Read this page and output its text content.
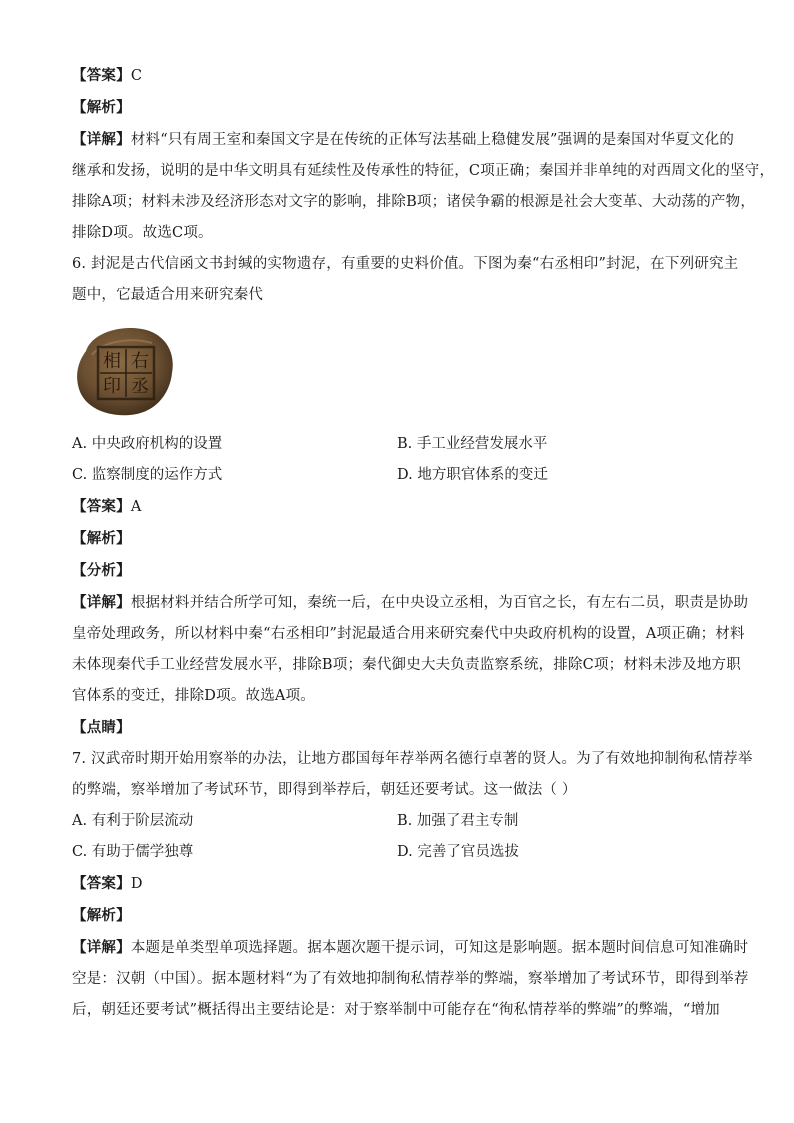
【答案】C
【解析】
【详解】材料“只有周王室和秦国文字是在传统的正体写法基础上稳健发展”强调的是秦国对华夏文化的
继承和发扬，说明的是中华文明具有延续性及传承性的特征，C项正确；秦国并非单纯的对西周文化的坚守，
排除A项；材料未涉及经济形态对文字的影响，排除B项；诸侯争霸的根源是社会大变革、大动荡的产物，
排除D项。故选C项。
6. 封泥是古代信函文书封缄的实物遗存，有重要的史料价值。下图为秦“右丞相印”封泥，在下列研究主
题中，它最适合用来研究秦代
右
丞
相
印
A. 中央政府机构的设置	B. 手工业经营发展水平
C. 监察制度的运作方式	D. 地方职官体系的变迁
【答案】A
【解析】
【分析】
【详解】根据材料并结合所学可知，秦统一后，在中央设立丞相，为百官之长，有左右二员，职责是协助
皇帝处理政务，所以材料中秦“右丞相印”封泥最适合用来研究秦代中央政府机构的设置，A项正确；材料
未体现秦代手工业经营发展水平，排除B项；秦代御史大夫负责监察系统，排除C项；材料未涉及地方职
官体系的变迁，排除D项。故选A项。
【点睛】
7. 汉武帝时期开始用察举的办法，让地方郡国每年荐举两名德行卓著的贤人。为了有效地抑制徇私情荐举
的弊端，察举增加了考试环节，即得到举荐后，朝廷还要考试。这一做法（ ）
A. 有利于阶层流动	B. 加强了君主专制
C. 有助于儒学独尊	D. 完善了官员选拔
【答案】D
【解析】
【详解】本题是单类型单项选择题。据本题次题干提示词，可知这是影响题。据本题时间信息可知准确时
空是：汉朝（中国）。据本题材料“为了有效地抑制徇私情荐举的弊端，察举增加了考试环节，即得到举荐
后，朝廷还要考试”概括得出主要结论是：对于察举制中可能存在“徇私情荐举的弊端”的弊端，“增加
